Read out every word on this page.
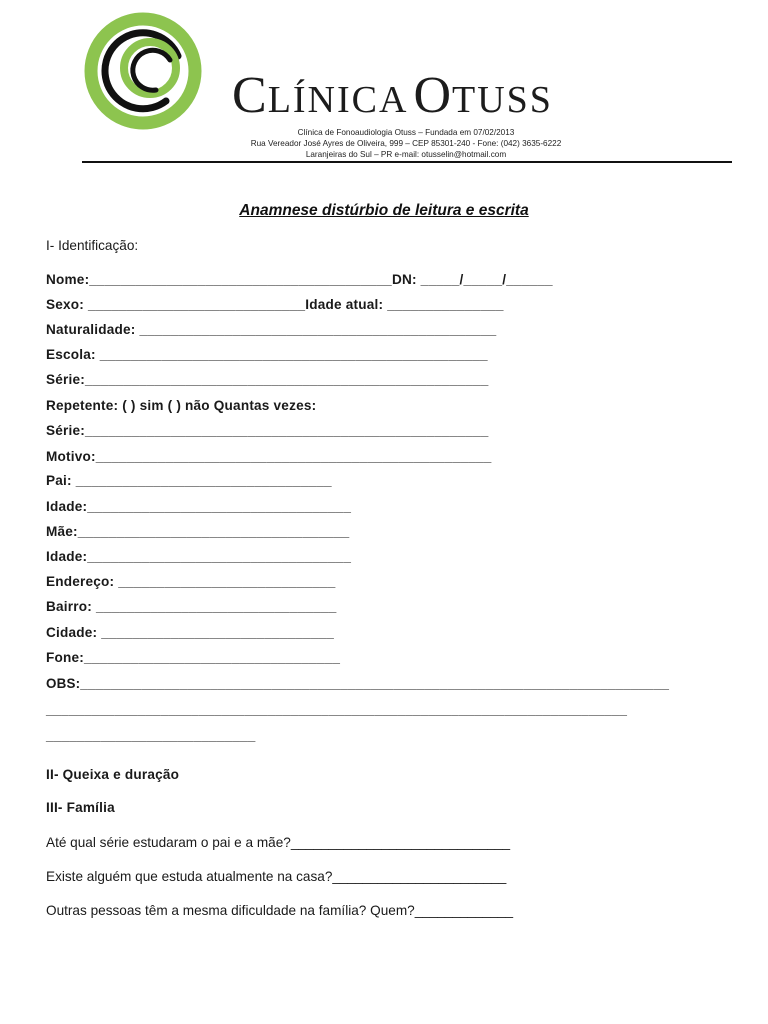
CLÍNICA OTUSS
Clínica de Fonoaudiologia Otuss – Fundada em 07/02/2013
Rua Vereador José Ayres de Oliveira, 999 – CEP 85301-240 - Fone: (042) 3635-6222
Laranjeiras do Sul – PR e-mail: otusselin@hotmail.com
Anamnese distúrbio de leitura e escrita
I- Identificação:
Nome:_______________________________________DN: _____/_____/______
Sexo: ____________________________Idade atual: _______________
Naturalidade: ______________________________________________
Escola: __________________________________________________
Série:____________________________________________________
Repetente: ( ) sim ( ) não Quantas vezes:
Série:____________________________________________________
Motivo:___________________________________________________
Pai: _________________________________
Idade:__________________________________
Mãe:___________________________________
Idade:__________________________________
Endereço: ____________________________
Bairro: _______________________________
Cidade: ______________________________
Fone:_________________________________
OBS:_____________________________________________________________________________
____________________________________________________________________________
___________________________
II- Queixa e duração
III- Família
Até qual série estudaram o pai e a mãe?_____________________________
Existe alguém que estuda atualmente na casa?_______________________
Outras pessoas têm a mesma dificuldade na família? Quem?_____________
